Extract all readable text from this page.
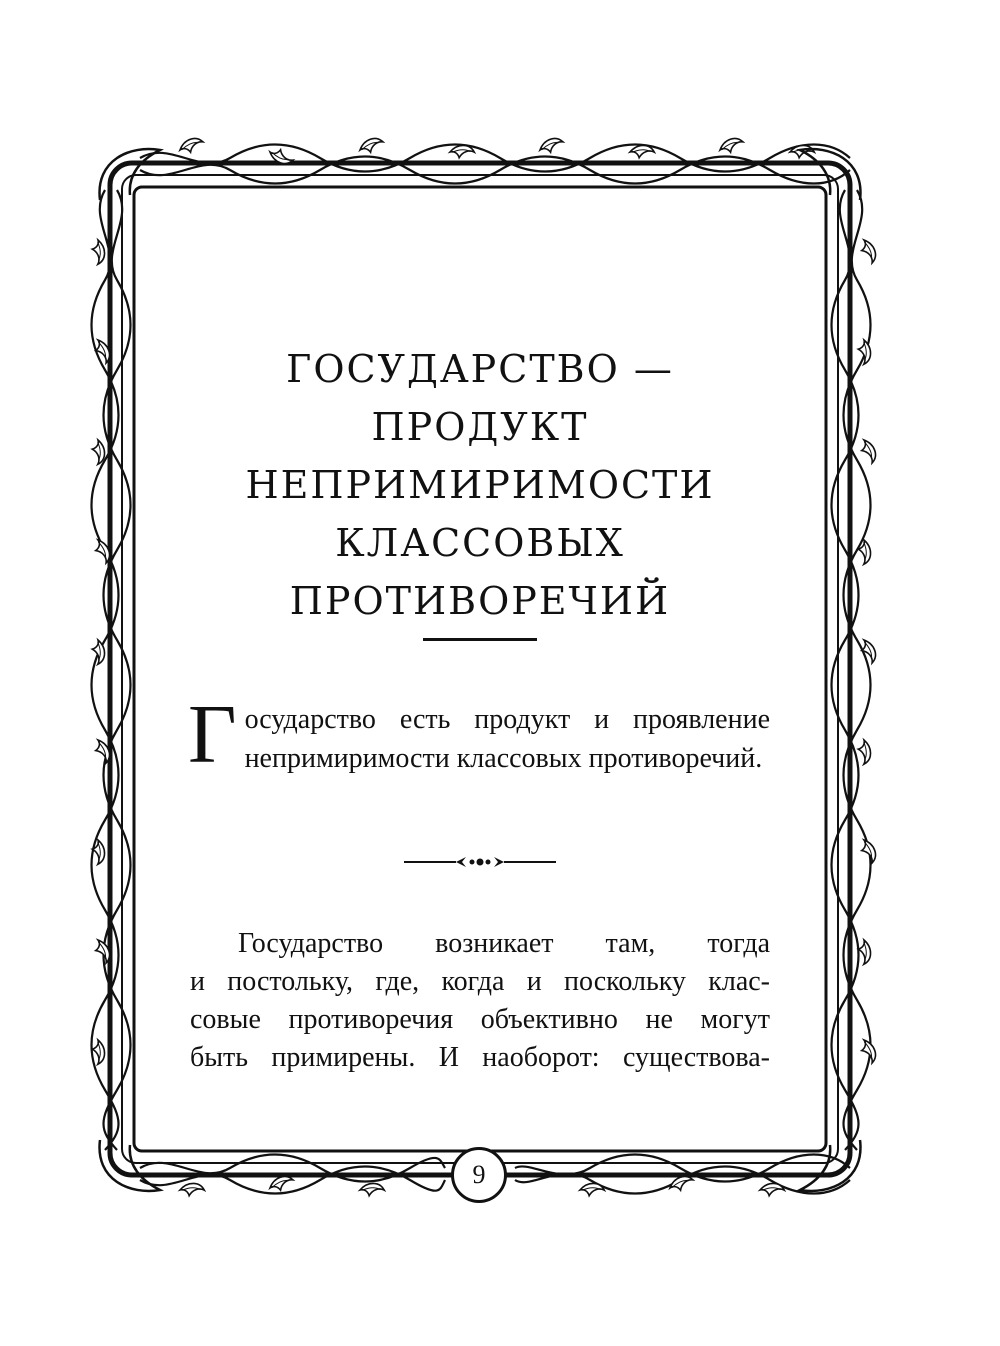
ГОСУДАРСТВО —
ПРОДУКТ
НЕПРИМИРИМОСТИ
КЛАССОВЫХ
ПРОТИВОРЕЧИЙ

Государство есть продукт и проявление непримиримости классовых противоречий.

Государство возникает там, тогда
и постольку, где, когда и поскольку клас-
совые противоречия объективно не могут
быть примирены. И наоборот: существова-

9
